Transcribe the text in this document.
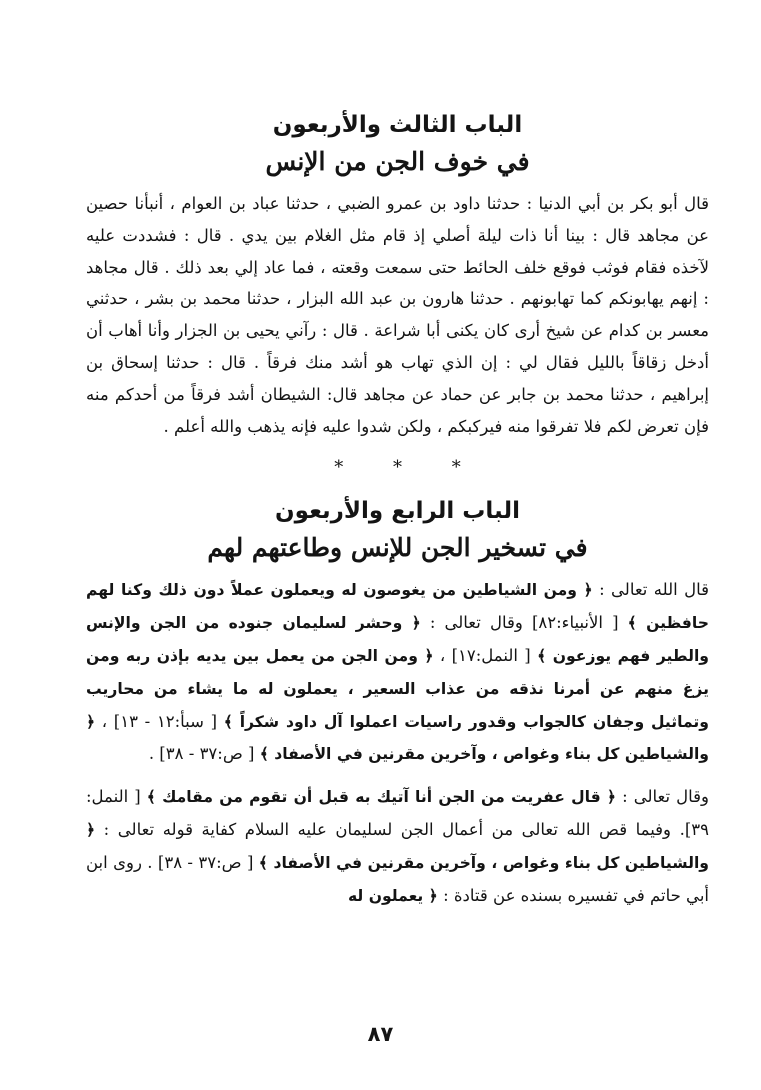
الباب الثالث والأربعون
في خوف الجن من الإنس

قال أبو بكر بن أبي الدنيا : حدثنا داود بن عمرو الضبي ، حدثنا عباد بن العوام ، أنبأنا حصين عن مجاهد قال : بينا أنا ذات ليلة أصلي إذ قام مثل الغلام بين يدي . قال : فشددت عليه لآخذه فقام فوثب فوقع خلف الحائط حتى سمعت وقعته ، فما عاد إلي بعد ذلك . قال مجاهد : إنهم يهابونكم كما تهابونهم . حدثنا هارون بن عبد الله البزار ، حدثنا محمد بن بشر ، حدثني معسر بن كدام عن شيخ أرى كان يكنى أبا شراعة . قال : رآني يحيى بن الجزار وأنا أهاب أن أدخل زقاقاً بالليل فقال لي : إن الذي تهاب هو أشد منك فرقاً . قال : حدثنا إسحاق بن إبراهيم ، حدثنا محمد بن جابر عن حماد عن مجاهد قال: الشيطان أشد فرقاً من أحدكم منه فإن تعرض لكم فلا تفرقوا منه فيركبكم ، ولكن شدوا عليه فإنه يذهب والله أعلم .

* * *
الباب الرابع والأربعون
في تسخير الجن للإنس وطاعتهم لهم

قال الله تعالى : ﴿ ومن الشياطين من يغوصون له ويعملون عملاً دون ذلك وكنا لهم حافظين ﴾ [ الأنبياء:٨٢] وقال تعالى : ﴿ وحشر لسليمان جنوده من الجن والإنس والطير فهم يوزعون ﴾ [ النمل:١٧] ، ﴿ ومن الجن من يعمل بين يديه بإذن ربه ومن يزغ منهم عن أمرنا نذقه من عذاب السعير ، يعملون له ما يشاء من محاريب وتماثيل وجفان كالجواب وقدور راسيات اعملوا آل داود شكراً ﴾ [ سبأ:١٢ - ١٣] ، ﴿ والشياطين كل بناء وغواص ، وآخرين مقرنين في الأصفاد ﴾ [ ص:٣٧ - ٣٨] .

وقال تعالى : ﴿ قال عفريت من الجن أنا آتيك به قبل أن تقوم من مقامك ﴾ [ النمل: ٣٩]. وفيما قص الله تعالى من أعمال الجن لسليمان عليه السلام كفاية قوله تعالى : ﴿ والشياطين كل بناء وغواص ، وآخرين مقرنين في الأصفاد ﴾ [ ص:٣٧ - ٣٨] . روى ابن أبي حاتم في تفسيره بسنده عن قتادة : ﴿ يعملون له

٨٧
